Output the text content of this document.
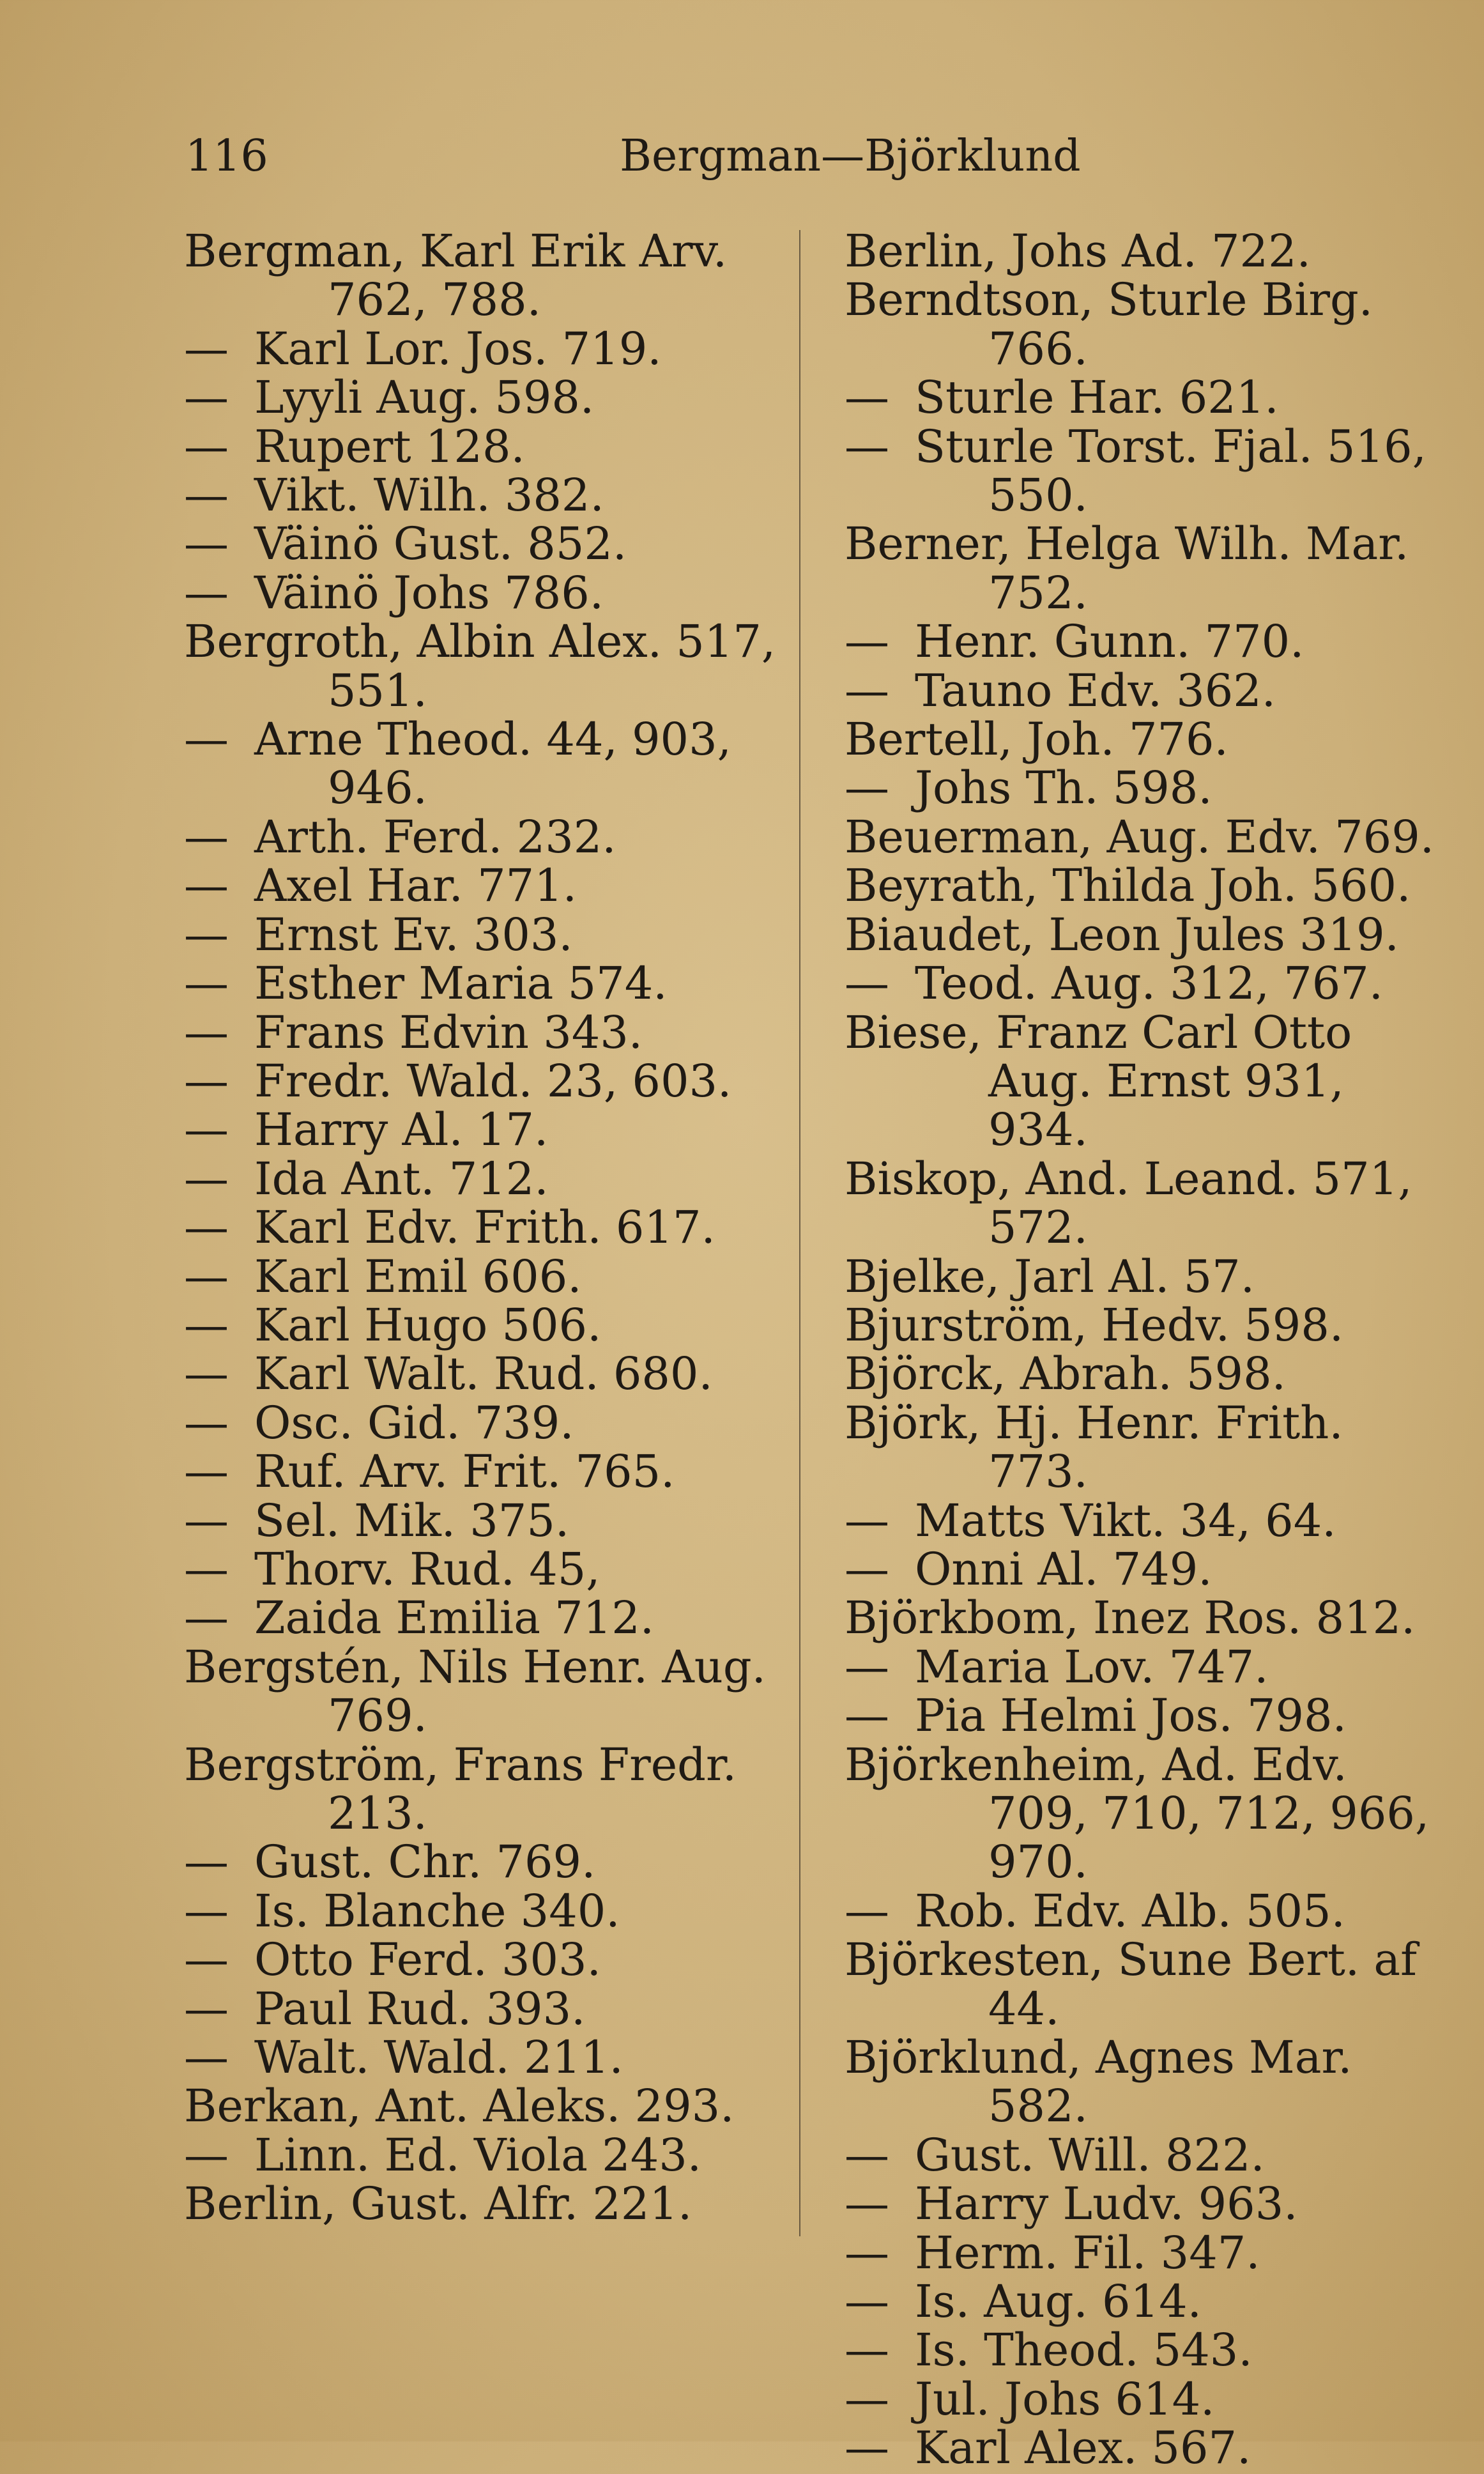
116	Bergman—Björklund

Bergman, Karl Erik Arv. 762, 788.

— Karl Lor. Jos. 719.

— Lyyli Aug. 598.

— Rupert 128.

— Vikt. Wilh. 382.

— Väinö Gust. 852.

— Väinö Johs 786.

Bergroth, Albin Alex. 517, 551.

— Arne Theod. 44, 903, 946.

— Arth. Ferd. 232.

— Axel Har. 771.

— Ernst Ev. 303.

— Esther Maria 574.

— Frans Edvin 343.

— Fredr. Wald. 23, 603.

— Harry Al. 17.

— Ida Ant. 712.

— Karl Edv. Frith. 617.

— Karl Emil 606.

— Karl Hugo 506.

— Karl Walt. Rud. 680.

— Osc. Gid. 739.

— Ruf. Arv. Frit. 765.

— Sel. Mik. 375.

— Thorv. Rud. 45,

— Zaida Emilia 712.

Bergstén, Nils Henr. Aug. 769.

Bergström, Frans Fredr. 213.

— Gust. Chr. 769.

— Is. Blanche 340.

— Otto Ferd. 303.

— Paul Rud. 393.

— Walt. Wald. 211.

Berkan, Ant. Aleks. 293.

— Linn. Ed. Viola 243.

Berlin, Gust. Alfr. 221.

Berlin, Johs Ad. 722.

Berndtson, Sturle Birg. 766.

— Sturle Har. 621.

— Sturle Torst. Fjal. 516, 550.

Berner, Helga Wilh. Mar. 752.

— Henr. Gunn. 770.

— Tauno Edv. 362.

Bertell, Joh. 776.

— Johs Th. 598.

Beuerman, Aug. Edv. 769.

Beyrath, Thilda Joh. 560.

Biaudet, Leon Jules 319.

— Teod. Aug. 312, 767.

Biese, Franz Carl Otto Aug. Ernst 931, 934.

Biskop, And. Leand. 571, 572.

Bjelke, Jarl Al. 57.

Bjurström, Hedv. 598.

Björck, Abrah. 598.

Björk, Hj. Henr. Frith. 773.

— Matts Vikt. 34, 64.

— Onni Al. 749.

Björkbom, Inez Ros. 812.

— Maria Lov. 747.

— Pia Helmi Jos. 798.

Björkenheim, Ad. Edv. 709, 710, 712, 966, 970.

— Rob. Edv. Alb. 505.

Björkesten, Sune Bert. af 44.

Björklund, Agnes Mar. 582.

— Gust. Will. 822.

— Harry Ludv. 963.

— Herm. Fil. 347.

— Is. Aug. 614.

— Is. Theod. 543.

— Jul. Johs 614.

— Karl Alex. 567.
